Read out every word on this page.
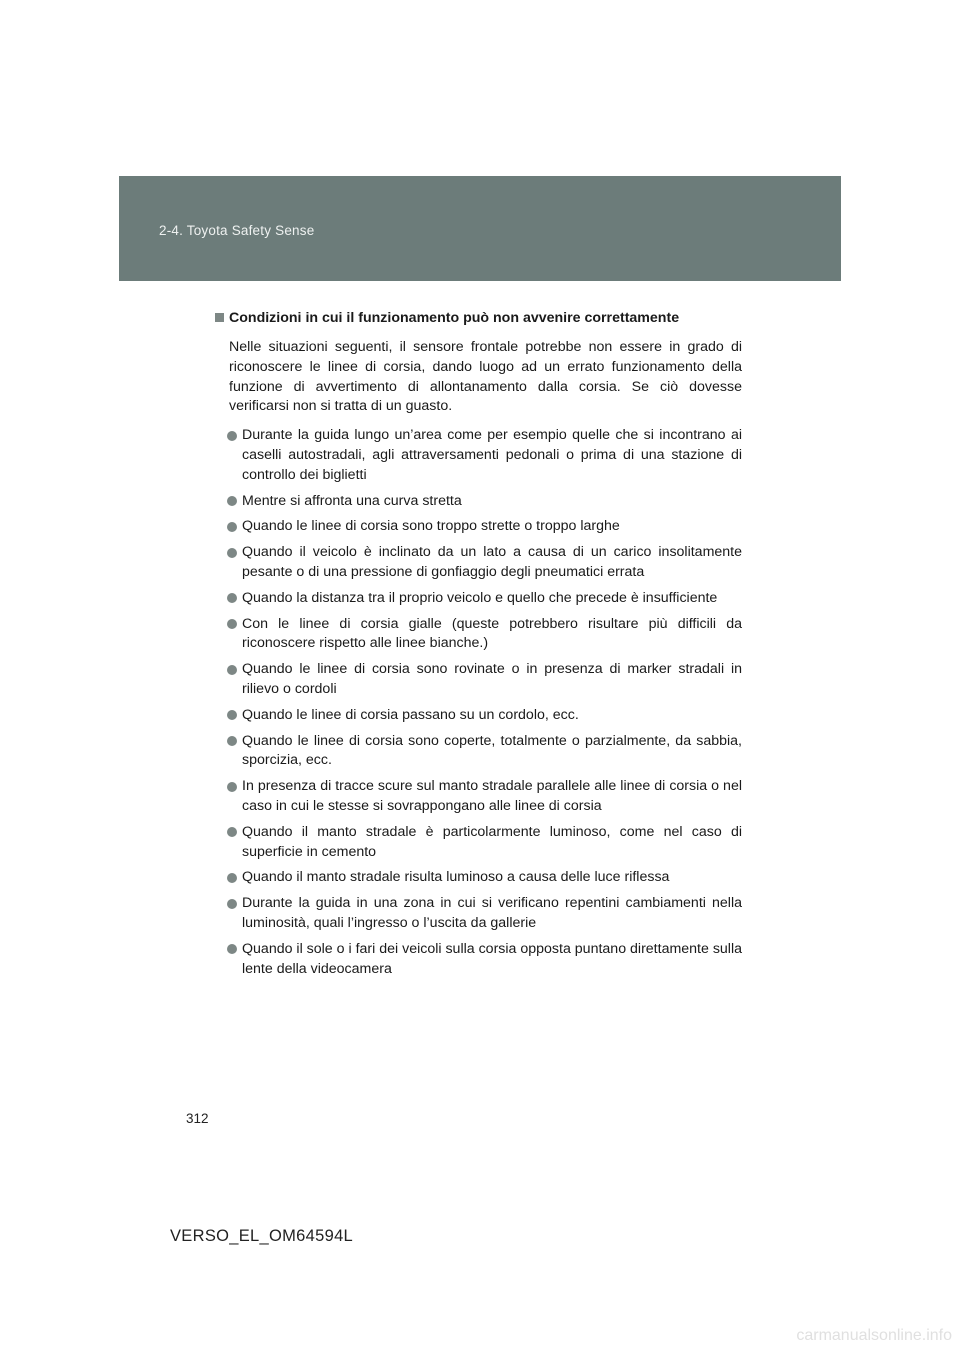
2-4. Toyota Safety Sense
Condizioni in cui il funzionamento può non avvenire correttamente

Nelle situazioni seguenti, il sensore frontale potrebbe non essere in grado di riconoscere le linee di corsia, dando luogo ad un errato funzionamento della funzione di avvertimento di allontanamento dalla corsia. Se ciò dovesse verificarsi non si tratta di un guasto.

Durante la guida lungo un’area come per esempio quelle che si incontrano ai caselli autostradali, agli attraversamenti pedonali o prima di una stazione di controllo dei biglietti
Mentre si affronta una curva stretta
Quando le linee di corsia sono troppo strette o troppo larghe
Quando il veicolo è inclinato da un lato a causa di un carico insolitamente pesante o di una pressione di gonfiaggio degli pneumatici errata
Quando la distanza tra il proprio veicolo e quello che precede è insufficiente
Con le linee di corsia gialle (queste potrebbero risultare più difficili da riconoscere rispetto alle linee bianche.)
Quando le linee di corsia sono rovinate o in presenza di marker stradali in rilievo o cordoli
Quando le linee di corsia passano su un cordolo, ecc.
Quando le linee di corsia sono coperte, totalmente o parzialmente, da sabbia, sporcizia, ecc.
In presenza di tracce scure sul manto stradale parallele alle linee di corsia o nel caso in cui le stesse si sovrappongano alle linee di corsia
Quando il manto stradale è particolarmente luminoso, come nel caso di superficie in cemento
Quando il manto stradale risulta luminoso a causa delle luce riflessa
Durante la guida in una zona in cui si verificano repentini cambiamenti nella luminosità, quali l’ingresso o l’uscita da gallerie
Quando il sole o i fari dei veicoli sulla corsia opposta puntano direttamente sulla lente della videocamera
312
VERSO_EL_OM64594L
carmanualsonline.info
